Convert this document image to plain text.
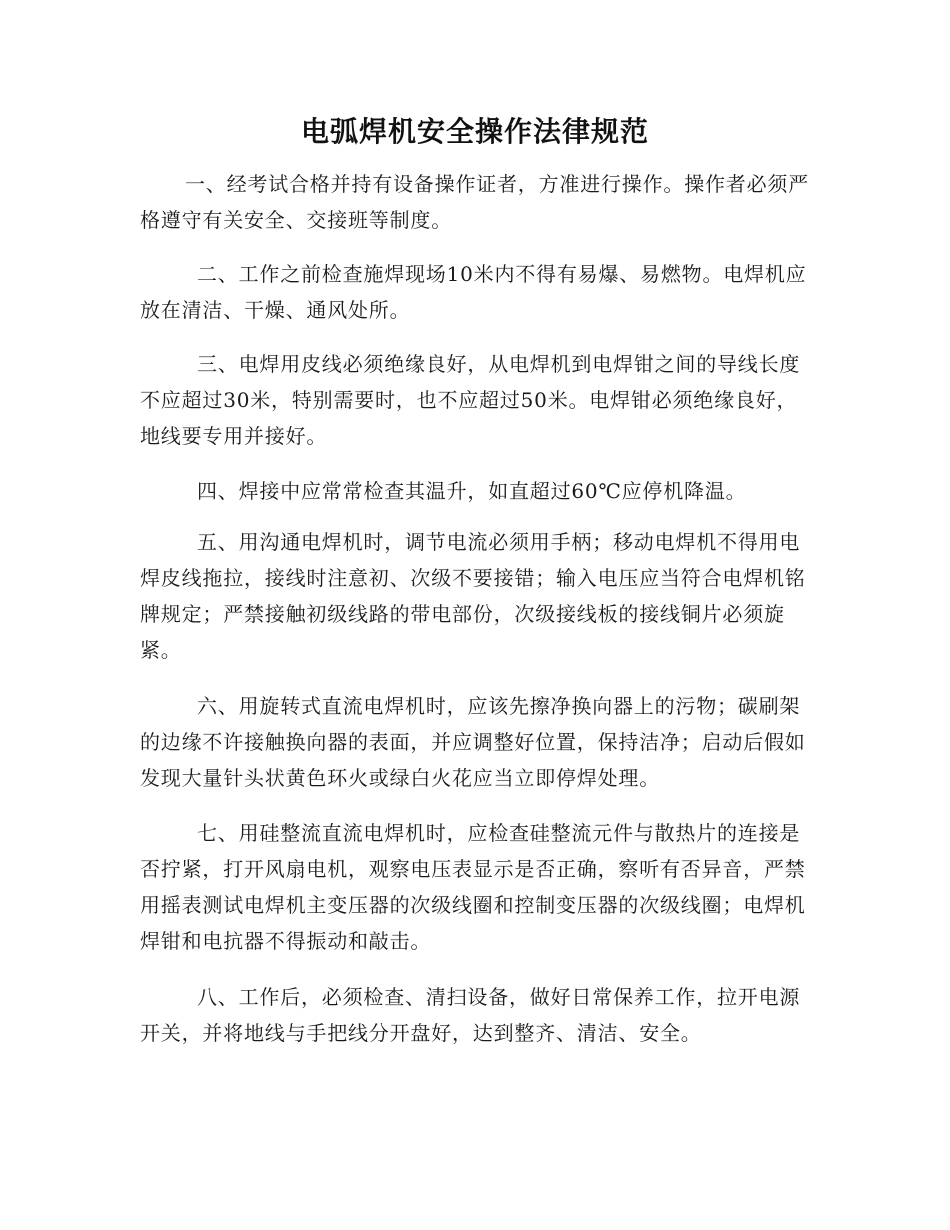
电弧焊机安全操作法律规范

一、经考试合格并持有设备操作证者，方准进行操作。操作者必须严格遵守有关安全、交接班等制度。

二、工作之前检查施焊现场10米内不得有易爆、易燃物。电焊机应放在清洁、干燥、通风处所。

三、电焊用皮线必须绝缘良好，从电焊机到电焊钳之间的导线长度不应超过30米，特别需要时，也不应超过50米。电焊钳必须绝缘良好，地线要专用并接好。

四、焊接中应常常检查其温升，如直超过60℃应停机降温。

五、用沟通电焊机时，调节电流必须用手柄；移动电焊机不得用电焊皮线拖拉，接线时注意初、次级不要接错；输入电压应当符合电焊机铭牌规定；严禁接触初级线路的带电部份，次级接线板的接线铜片必须旋紧。

六、用旋转式直流电焊机时，应该先擦净换向器上的污物；碳刷架的边缘不许接触换向器的表面，并应调整好位置，保持洁净；启动后假如发现大量针头状黄色环火或绿白火花应当立即停焊处理。

七、用硅整流直流电焊机时，应检查硅整流元件与散热片的连接是否拧紧，打开风扇电机，观察电压表显示是否正确，察听有否异音，严禁用摇表测试电焊机主变压器的次级线圈和控制变压器的次级线圈；电焊机焊钳和电抗器不得振动和敲击。

八、工作后，必须检查、清扫设备，做好日常保养工作，拉开电源开关，并将地线与手把线分开盘好，达到整齐、清洁、安全。
